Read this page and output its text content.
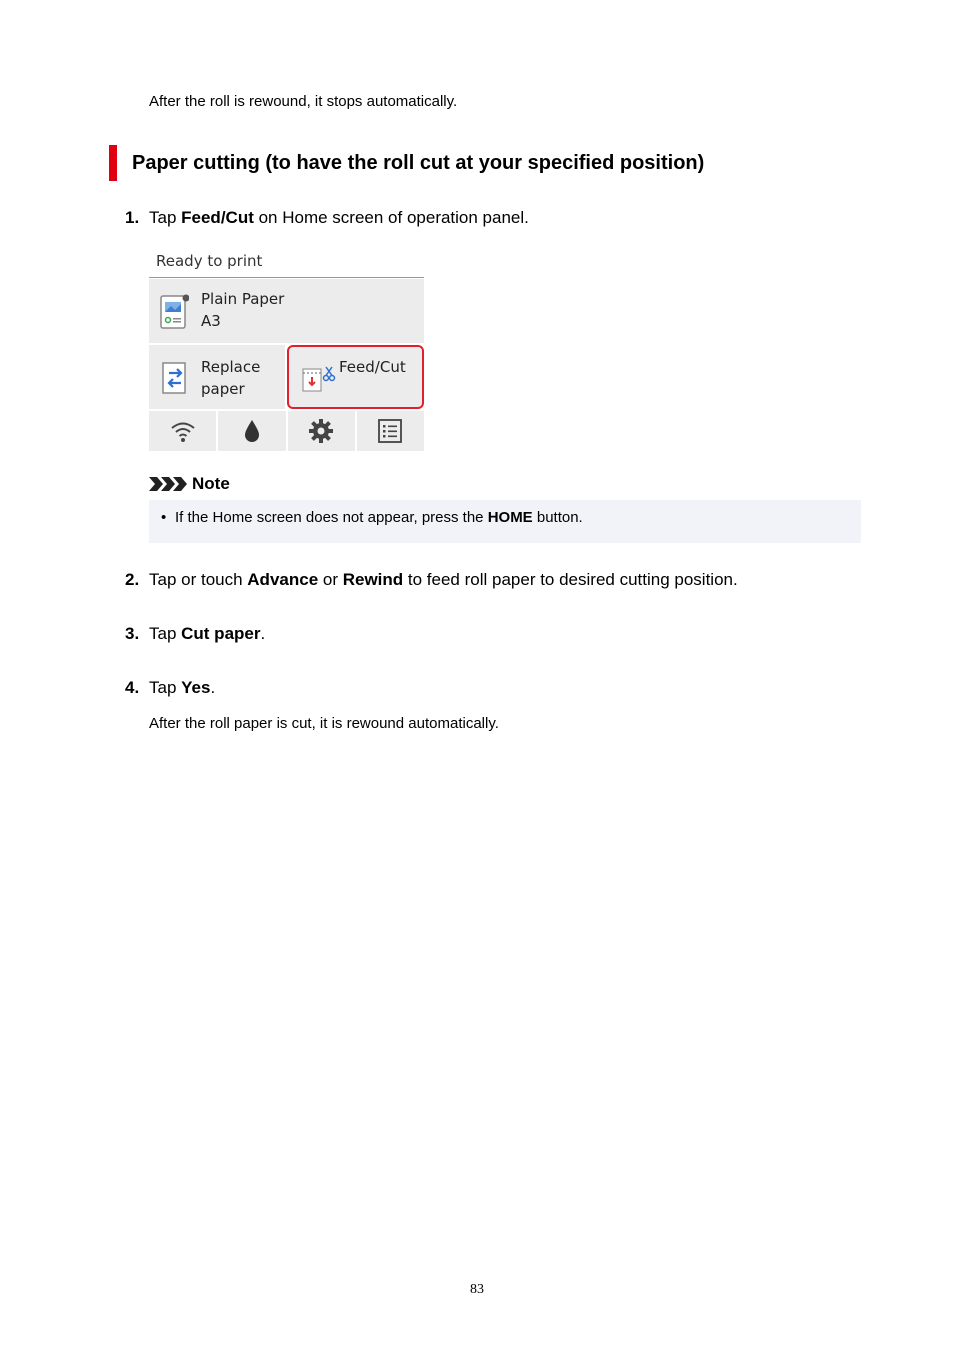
After the roll is rewound, it stops automatically.
Paper cutting (to have the roll cut at your specified position)
1. Tap Feed/Cut on Home screen of operation panel.
Ready to print
Plain Paper
A3
Replace
paper
Feed/Cut
Note
• If the Home screen does not appear, press the HOME button.
2. Tap or touch Advance or Rewind to feed roll paper to desired cutting position.
3. Tap Cut paper.
4. Tap Yes.
After the roll paper is cut, it is rewound automatically.
83
